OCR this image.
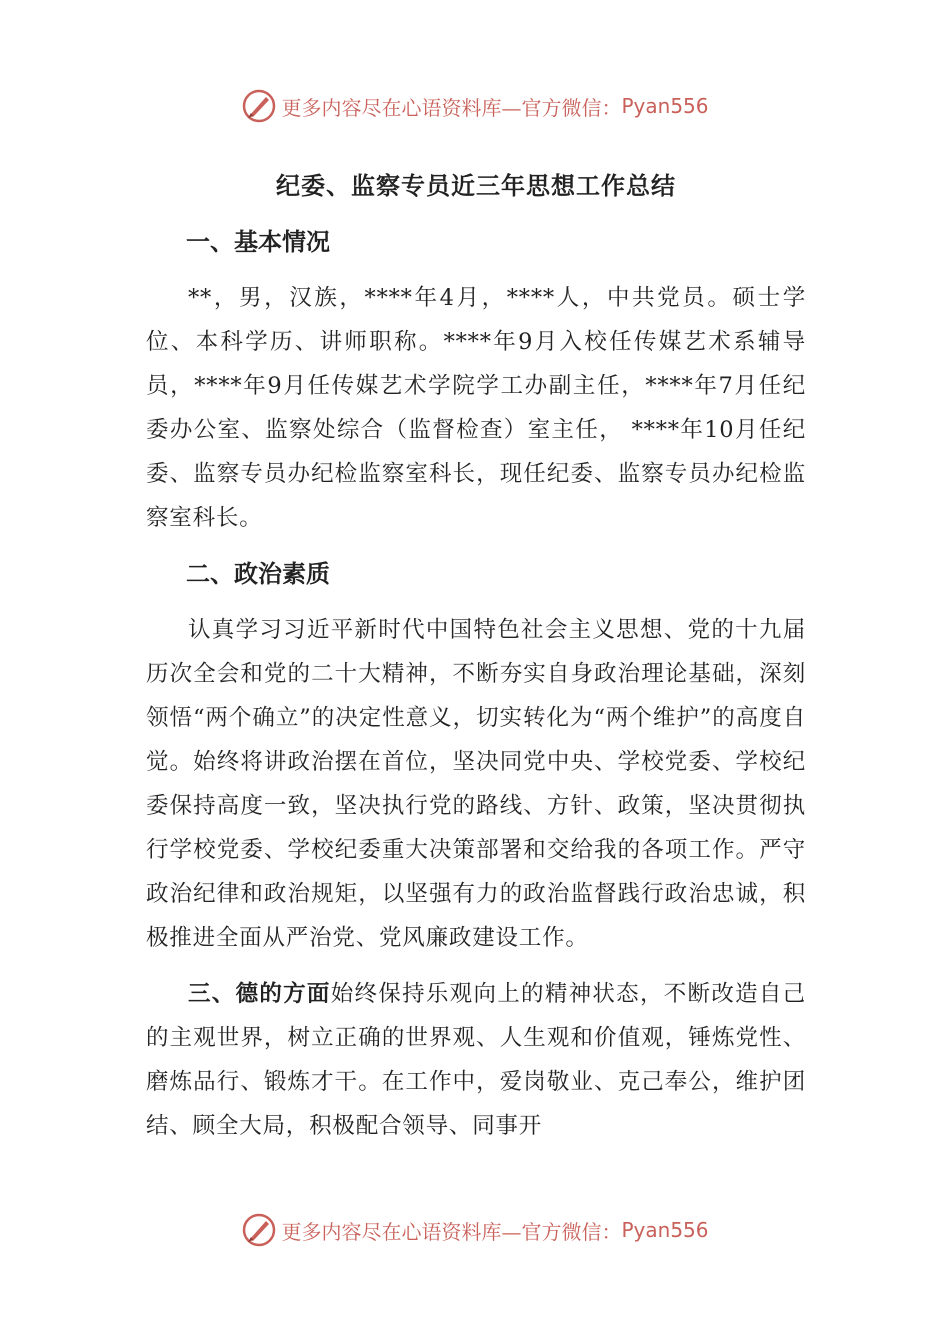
更多内容尽在心语资料库—官方微信： Pyan556
纪委、监察专员近三年思想工作总结
一、基本情况

**，男，汉族，****年4月，****人，中共党员。硕士学位、本科学历、讲师职称。****年9月入校任传媒艺术系辅导员，****年9月任传媒艺术学院学工办副主任，****年7月任纪委办公室、监察处综合（监督检查）室主任， ****年10月任纪委、监察专员办纪检监察室科长，现任纪委、监察专员办纪检监察室科长。

二、政治素质

认真学习习近平新时代中国特色社会主义思想、党的十九届历次全会和党的二十大精神，不断夯实自身政治理论基础，深刻领悟“两个确立”的决定性意义，切实转化为“两个维护”的高度自觉。始终将讲政治摆在首位，坚决同党中央、学校党委、学校纪委保持高度一致，坚决执行党的路线、方针、政策，坚决贯彻执行学校党委、学校纪委重大决策部署和交给我的各项工作。严守政治纪律和政治规矩，以坚强有力的政治监督践行政治忠诚，积极推进全面从严治党、党风廉政建设工作。

三、德的方面始终保持乐观向上的精神状态，不断改造自己的主观世界，树立正确的世界观、人生观和价值观，锤炼党性、磨炼品行、锻炼才干。在工作中，爱岗敬业、克己奉公，维护团结、顾全大局，积极配合领导、同事开

更多内容尽在心语资料库—官方微信： Pyan556
